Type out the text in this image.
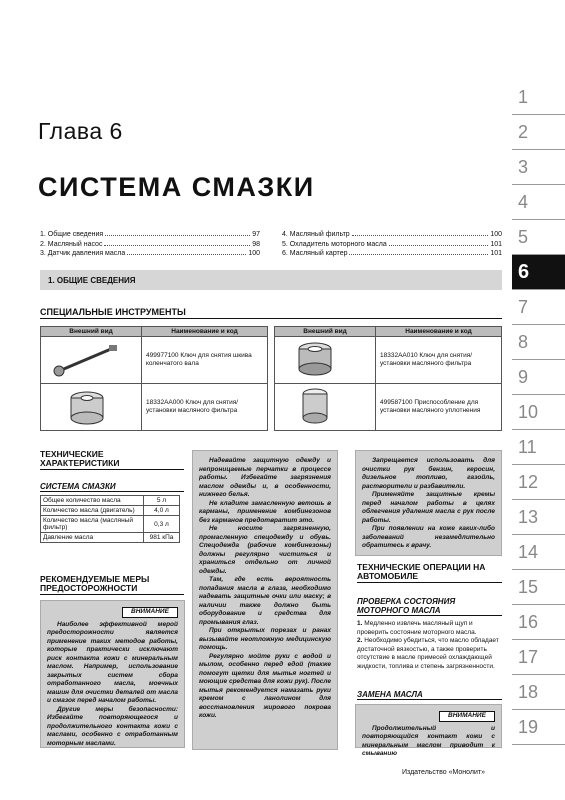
Глава 6
СИСТЕМА СМАЗКИ
1. Общие сведения	97
2. Масляный насос	98
3. Датчик давления масла	100
4. Масляный фильтр	100
5. Охладитель моторного масла	101
6. Масляный картер	101
1. ОБЩИЕ СВЕДЕНИЯ
СПЕЦИАЛЬНЫЕ ИНСТРУМЕНТЫ
Внешний вид	Наименование и код
	499977100 Ключ для снятия шкива коленчатого вала
	18332AA000 Ключ для снятия/ установки масляного фильтра
Внешний вид	Наименование и код
	18332AA010 Ключ для снятия/ установки масляного фильтра
	499587100 Приспособление для установки масляного уплотнения
ТЕХНИЧЕСКИЕ ХАРАКТЕРИСТИКИ
СИСТЕМА СМАЗКИ
Общее количество масла	5 л
Количество масла (двигатель)	4,0 л
Количество масла (масляный фильтр)	0,3 л
Давление масла	981 кПа
РЕКОМЕНДУЕМЫЕ МЕРЫ ПРЕДОСТОРОЖНОСТИ
ВНИМАНИЕ

Наиболее эффективной мерой предосторожности является применение таких методов работы, которые практически исключают риск контакта кожи с минеральным маслом. Например, использование закрытых систем сбора отработанного масла, моечных машин для очистки деталей от масла и смазок перед началом работы.

Другие меры безопасности: Избегайте повторяющегося и продолжительного контакта кожи с маслами, особенно с отработанным моторным маслами.

Надевайте защитную одежду и непроницаемые перчатки в процессе работы. Избегайте загрязнения маслом одежды и, в особенности, нижнего белья.

Не кладите замасленную ветошь в карманы, применение комбинезонов без карманов предотвратит это.

Не носите загрязненную, промасленную спецодежду и обувь. Спецодежда (рабочие комбинезоны) должны регулярно чиститься и храниться отдельно от личной одежды.

Там, где есть вероятность попадания масла в глаза, необходимо надевать защитные очки или маску; в наличии также должно быть оборудование и средства для промывания глаз.

При открытых порезах и ранах вызывайте неотложную медицинскую помощь.

Регулярно мойте руки с водой и мылом, особенно перед едой (также помогут щетки для мытья ногтей и моющие средства для кожи рук). После мытья рекомендуется намазать руки кремом с ланолином для восстановления жирового покрова кожи.

Запрещается использовать для очистки рук бензин, керосин, дизельное топливо, газойль, растворители и разбавители.

Применяйте защитные кремы перед началом работы в целях облегчения удаления масла с рук после работы.

При появлении на коже каких-либо заболеваний незамедлительно обратитесь к врачу.

ТЕХНИЧЕСКИЕ ОПЕРАЦИИ НА АВТОМОБИЛЕ
ПРОВЕРКА СОСТОЯНИЯ МОТОРНОГО МАСЛА
1. Медленно извлечь масляный щуп и проверить состояние моторного масла.
2. Необходимо убедиться, что масло обладает достаточной вязкостью, а также проверить отсутствие в масле примесей охлаждающей жидкости, топлива и степень загрязненности.
ЗАМЕНА МАСЛА
ВНИМАНИЕ

Продолжительный и повторяющийся контакт кожи с минеральным маслом приводит к смыванию

1
2
3
4
5
6
7
8
9
10
11
12
13
14
15
16
17
18
19
Издательство «Монолит»
